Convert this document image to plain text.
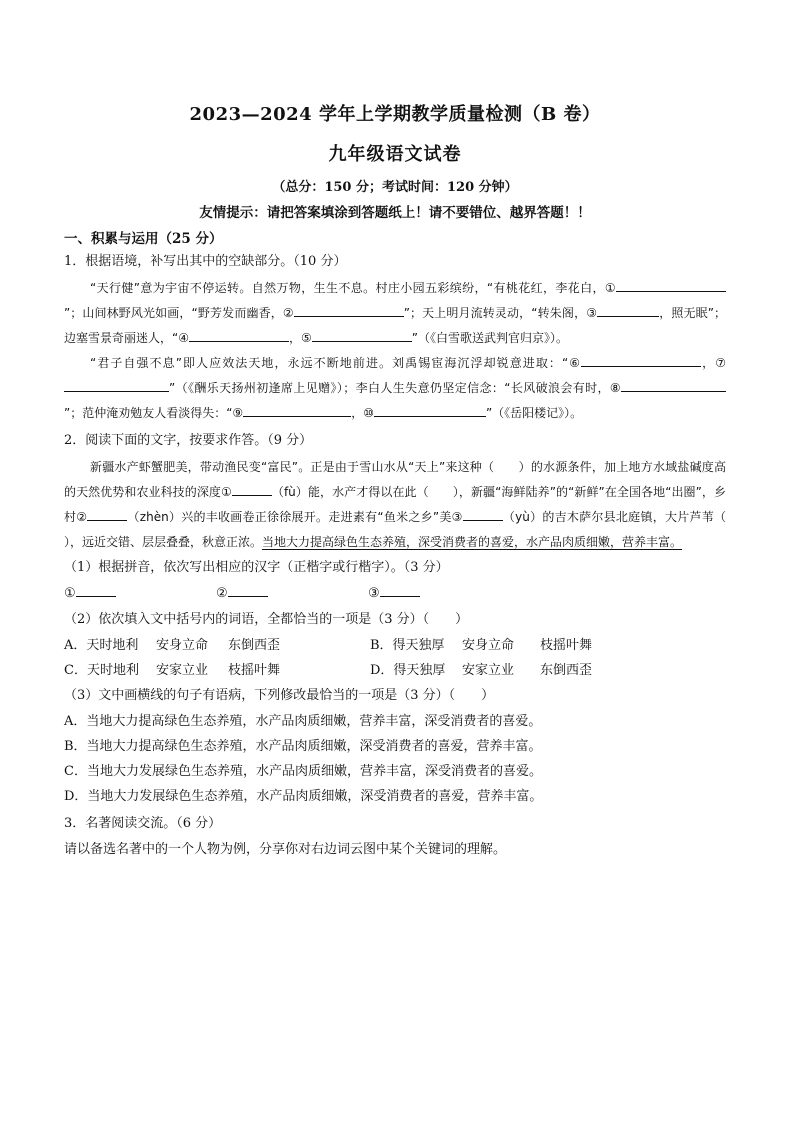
2023—2024 学年上学期教学质量检测（B 卷）
九年级语文试卷
（总分：150 分；考试时间：120 分钟）
友情提示：请把答案填涂到答题纸上！请不要错位、越界答题！！
一、积累与运用（25 分）
1．根据语境，补写出其中的空缺部分。（10 分）

“天行健”意为宇宙不停运转。自然万物，生生不息。村庄小园五彩缤纷，“有桃花红，李花白，①”；山间林野风光如画，“野芳发而幽香，②	”；天上明月流转灵动，“转朱阁，③	，照无眠”；边塞雪景奇丽迷人，“④	，⑤	”（《白雪歌送武判官归京》）。

“君子自强不息”即人应效法天地，永远不断地前进。刘禹锡宦海沉浮却锐意进取：“⑥	，⑦”（《酬乐天扬州初逢席上见赠》）；李白人生失意仍坚定信念：“长风破浪会有时，⑧”；范仲淹劝勉友人看淡得失：“⑨	，⑩	”（《岳阳楼记》）。

2．阅读下面的文字，按要求作答。（9 分）

新疆水产虾蟹肥美，带动渔民变“富民”。正是由于雪山水从“天上”来这种（　　）的水源条件，加上地方水域盐碱度高的天然优势和农业科技的深度①	（fù）能，水产才得以在此（　　），新疆“海鲜陆养”的“新鲜”在全国各地“出圈”，乡村②	（zhèn）兴的丰收画卷正徐徐展开。走进素有“鱼米之乡”美③	（yù）的吉木萨尔县北庭镇，大片芦苇（　　），远近交错、层层叠叠，秋意正浓。当地大力提高绿色生态养殖，深受消费者的喜爱，水产品肉质细嫩，营养丰富。

（1）根据拼音，依次写出相应的汉字（正楷字或行楷字）。（3 分）
①	②	③
（2）依次填入文中括号内的词语，全都恰当的一项是（3 分）（　　）
A．天时地利	安身立命	东倒西歪	B．得天独厚	安身立命	枝摇叶舞
C．天时地利	安家立业	枝摇叶舞	D．得天独厚	安家立业	东倒西歪
（3）文中画横线的句子有语病，下列修改最恰当的一项是（3 分）（　　）

A．当地大力提高绿色生态养殖，水产品肉质细嫩，营养丰富，深受消费者的喜爱。

B．当地大力提高绿色生态养殖，水产品肉质细嫩，深受消费者的喜爱，营养丰富。

C．当地大力发展绿色生态养殖，水产品肉质细嫩，营养丰富，深受消费者的喜爱。

D．当地大力发展绿色生态养殖，水产品肉质细嫩，深受消费者的喜爱，营养丰富。

3．名著阅读交流。（6 分）
请以备选名著中的一个人物为例，分享你对右边词云图中某个关键词的理解。
